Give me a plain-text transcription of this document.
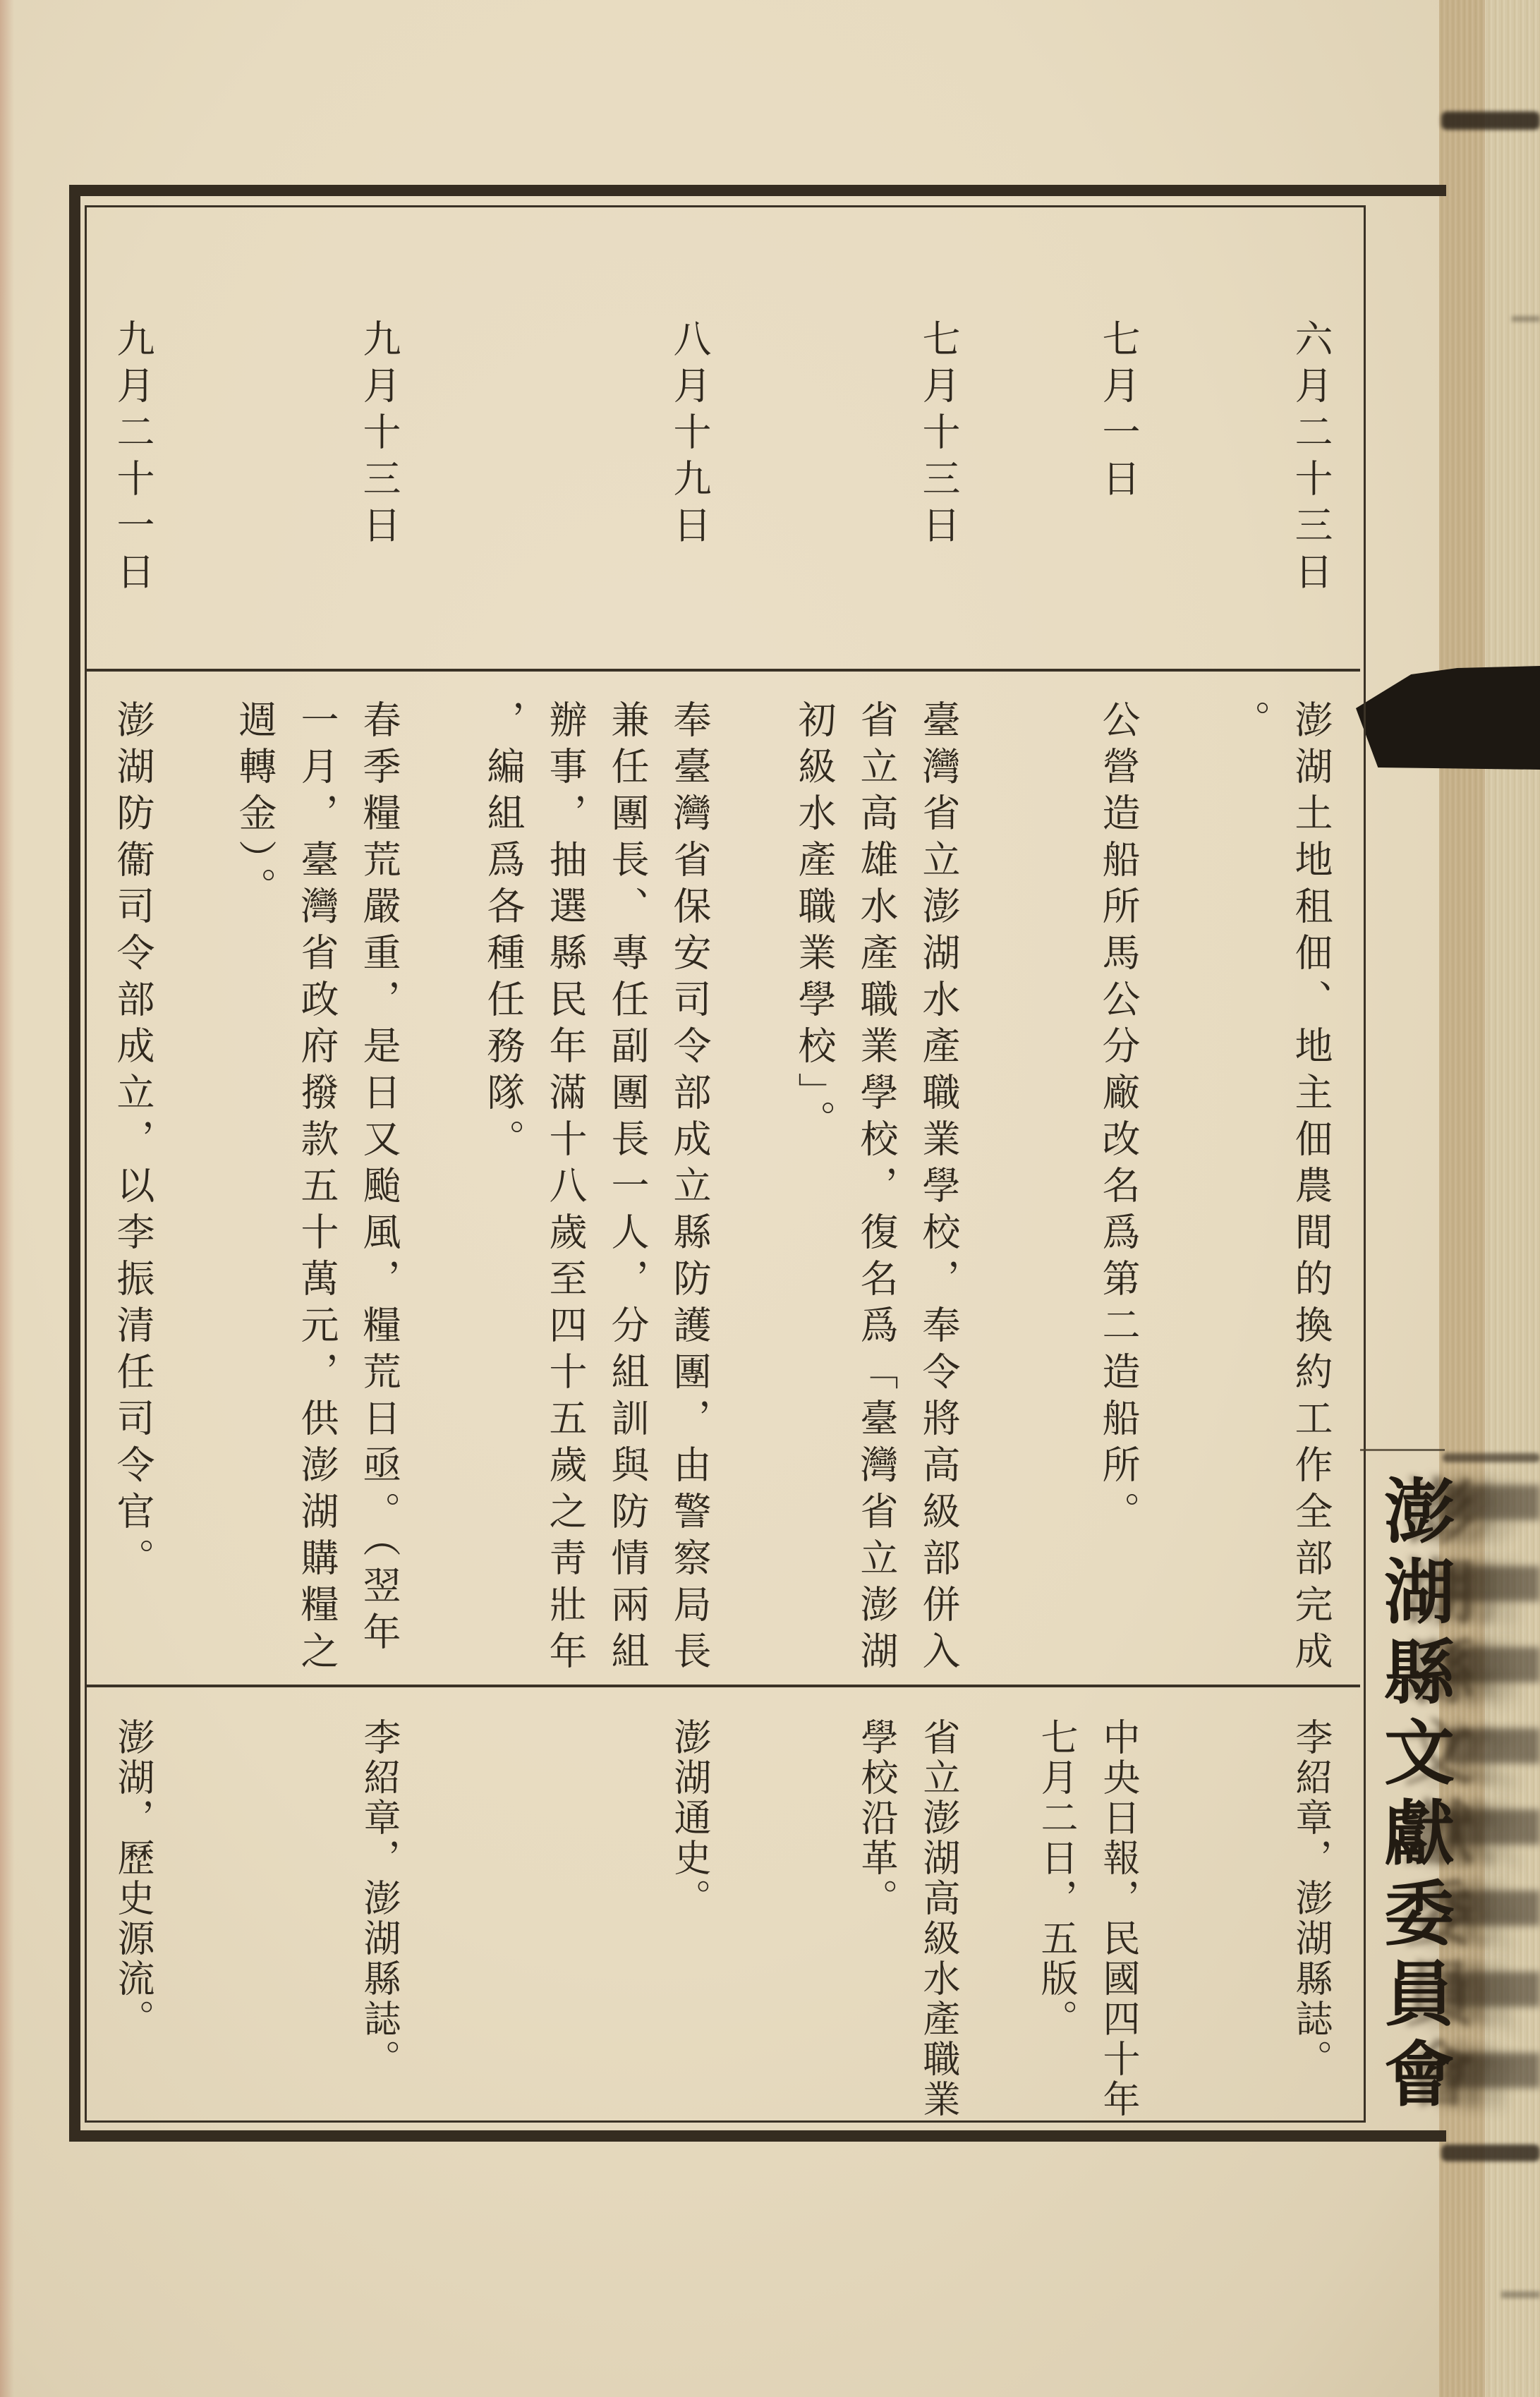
澎湖縣文獻委員會
六月二十三日
澎湖土地租佃、地主佃農間的換約工作全部完成
。
李紹章，澎湖縣誌。
七月一日
公營造船所馬公分廠改名爲第二造船所。
中央日報，民國四十年
七月二日，五版。
七月十三日
臺灣省立澎湖水產職業學校，奉令將高級部併入
省立高雄水產職業學校，復名爲「臺灣省立澎湖
初級水產職業學校」。
省立澎湖高級水產職業
學校沿革。
八月十九日
奉臺灣省保安司令部成立縣防護團，由警察局長
兼任團長、專任副團長一人，分組訓與防情兩組
辦事，抽選縣民年滿十八歲至四十五歲之靑壯年
，編組爲各種任務隊。
澎湖通史。
九月十三日
春季糧荒嚴重，是日又颱風，糧荒日亟。（翌年
一月，臺灣省政府撥款五十萬元，供澎湖購糧之
週轉金）。
李紹章，澎湖縣誌。
九月二十一日
澎湖防衞司令部成立，以李振清任司令官。
澎湖，歷史源流。
